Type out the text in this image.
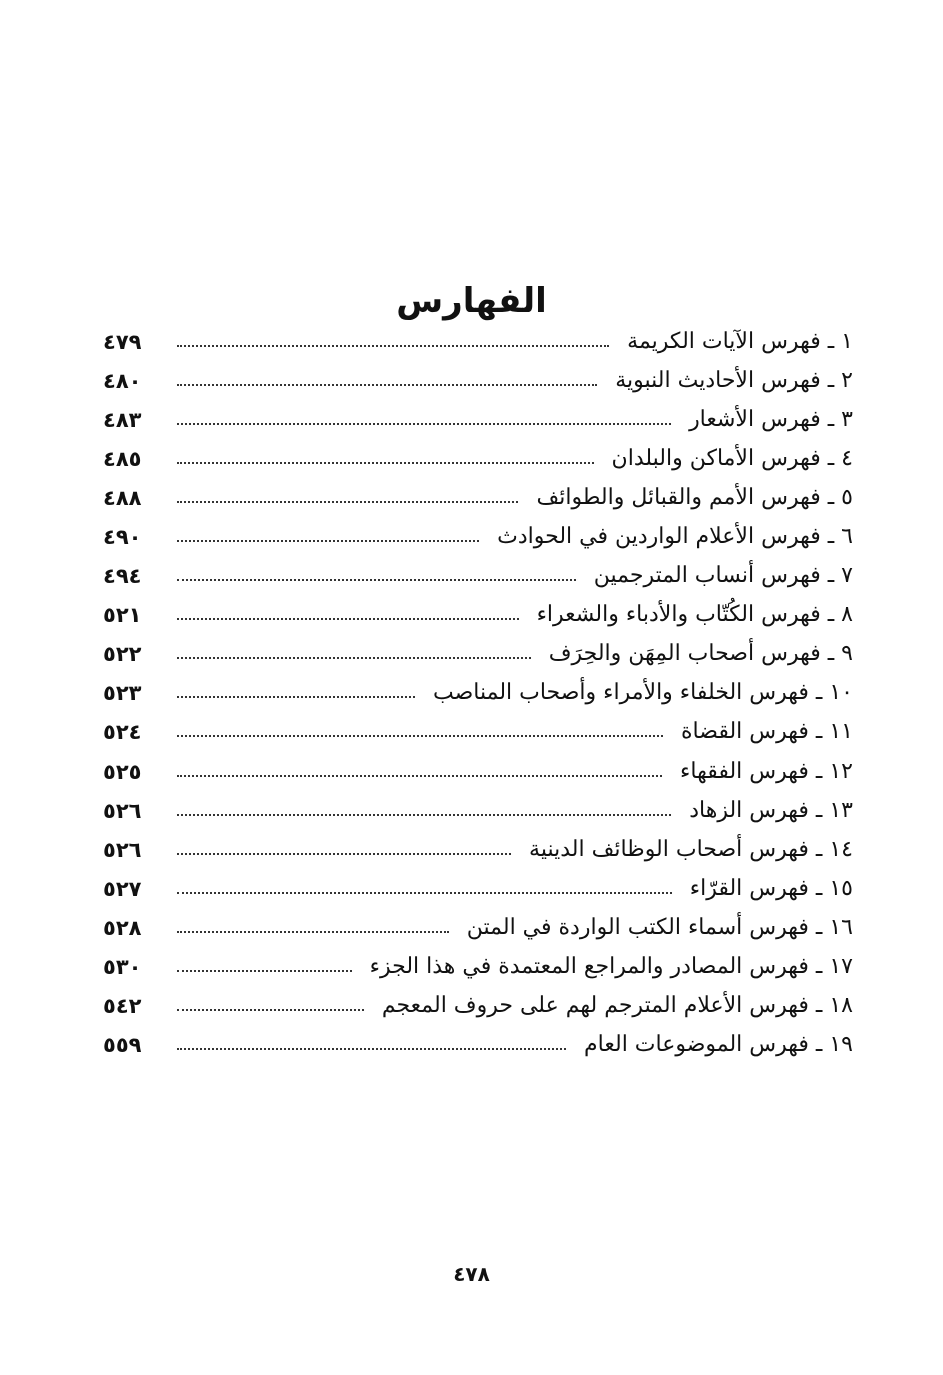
الفهارس
١ ـ فهرس الآيات الكريمة
٤٧٩
٢ ـ فهرس الأحاديث النبوية
٤٨٠
٣ ـ فهرس الأشعار
٤٨٣
٤ ـ فهرس الأماكن والبلدان
٤٨٥
٥ ـ فهرس الأمم والقبائل والطوائف
٤٨٨
٦ ـ فهرس الأعلام الواردين في الحوادث
٤٩٠
٧ ـ فهرس أنساب المترجمين
٤٩٤
٨ ـ فهرس الكُتّاب والأدباء والشعراء
٥٢١
٩ ـ فهرس أصحاب المِهَن والحِرَف
٥٢٢
١٠ ـ فهرس الخلفاء والأمراء وأصحاب المناصب
٥٢٣
١١ ـ فهرس القضاة
٥٢٤
١٢ ـ فهرس الفقهاء
٥٢٥
١٣ ـ فهرس الزهاد
٥٢٦
١٤ ـ فهرس أصحاب الوظائف الدينية
٥٢٦
١٥ ـ فهرس القرّاء
٥٢٧
١٦ ـ فهرس أسماء الكتب الواردة في المتن
٥٢٨
١٧ ـ فهرس المصادر والمراجع المعتمدة في هذا الجزء
٥٣٠
١٨ ـ فهرس الأعلام المترجم لهم على حروف المعجم
٥٤٢
١٩ ـ فهرس الموضوعات العام
٥٥٩
٤٧٨
